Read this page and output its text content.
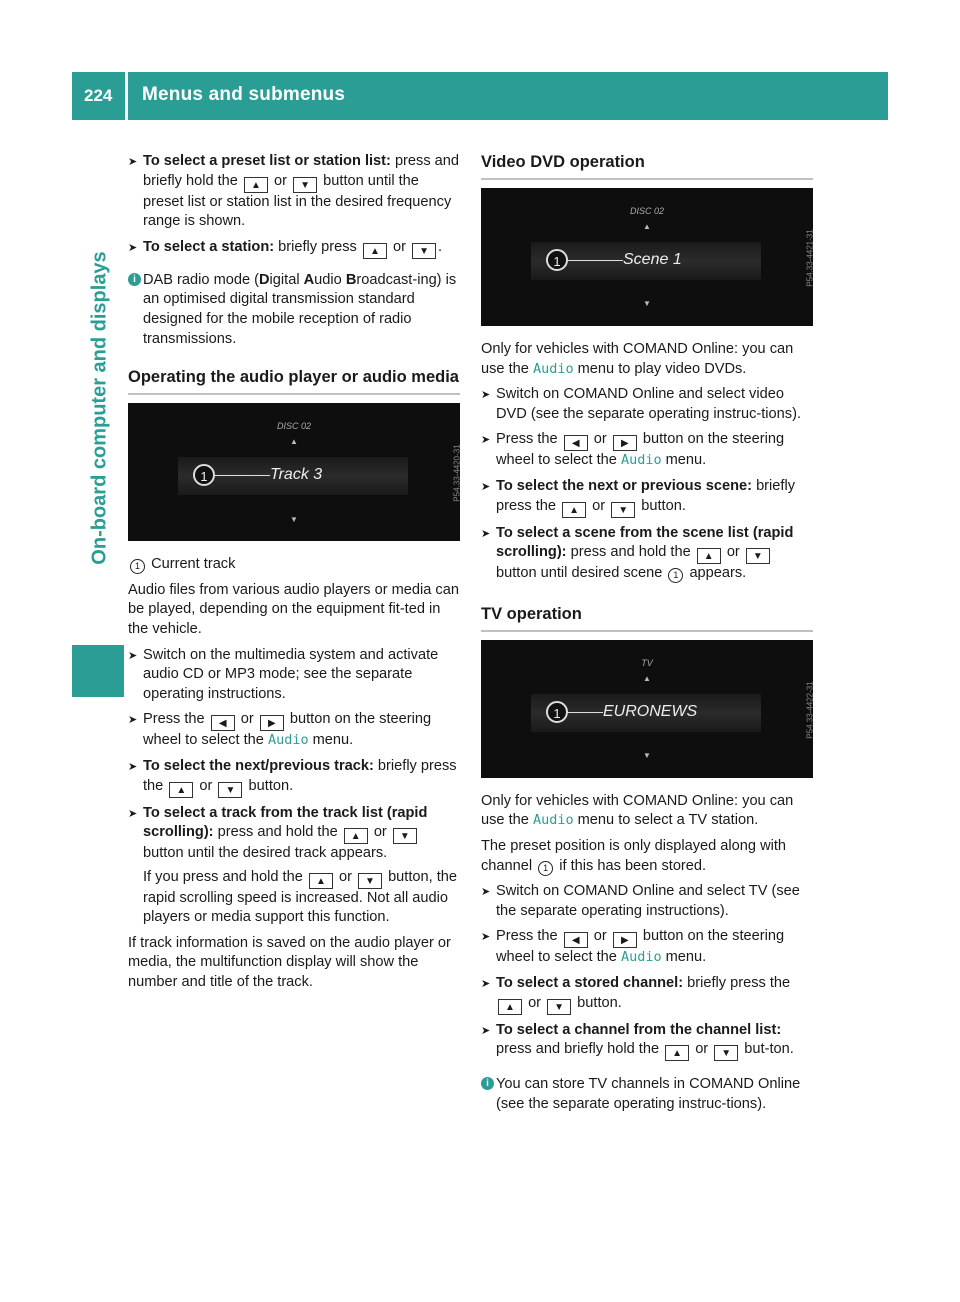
224 Menus and submenus
On-board computer and displays
➤ To select a preset list or station list: press and briefly hold the ▲ or ▼ button until the preset list or station list in the desired frequency range is shown.
➤ To select a station: briefly press ▲ or ▼ .
i DAB radio mode (Digital Audio Broadcast-ing) is an optimised digital transmission standard designed for the mobile reception of radio transmissions.
Operating the audio player or audio media
DISC 02
▲
1	Track 3
▼
P54.33-4420-31

1 Current track

Audio files from various audio players or media can be played, depending on the equipment fit-ted in the vehicle.

➤ Switch on the multimedia system and activate audio CD or MP3 mode; see the separate operating instructions.
➤ Press the ◀ or ▶ button on the steering wheel to select the Audio menu.
➤ To select the next/previous track: briefly press the ▲ or ▼ button.
➤ To select a track from the track list (rapid scrolling): press and hold the ▲ or ▼ button until the desired track appears.
If you press and hold the ▲ or ▼ button, the rapid scrolling speed is increased. Not all audio players or media support this function.

If track information is saved on the audio player or media, the multifunction display will show the number and title of the track.

Video DVD operation
DISC 02
▲
1	Scene 1
▼
P54.33-4421-31

Only for vehicles with COMAND Online: you can use the Audio menu to play video DVDs.

➤ Switch on COMAND Online and select video DVD (see the separate operating instruc-tions).
➤ Press the ◀ or ▶ button on the steering wheel to select the Audio menu.
➤ To select the next or previous scene: briefly press the ▲ or ▼ button.
➤ To select a scene from the scene list (rapid scrolling): press and hold the ▲ or ▼ button until desired scene 1 appears.
TV operation
TV
▲
1	EURONEWS
▼
P54.33-4422-31

Only for vehicles with COMAND Online: you can use the Audio menu to select a TV station.

The preset position is only displayed along with channel 1 if this has been stored.

➤ Switch on COMAND Online and select TV (see the separate operating instructions).
➤ Press the ◀ or ▶ button on the steering wheel to select the Audio menu.
➤ To select a stored channel: briefly press the ▲ or ▼ button.
➤ To select a channel from the channel list: press and briefly hold the ▲ or ▼ but-ton.
i You can store TV channels in COMAND Online (see the separate operating instruc-tions).
